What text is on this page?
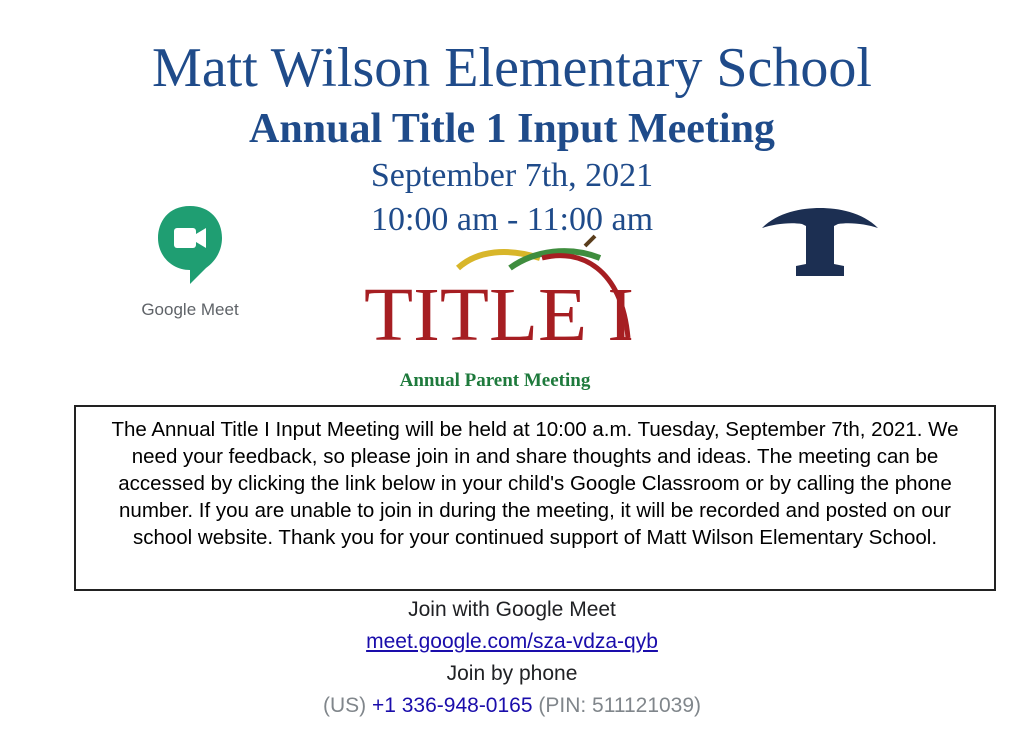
Matt Wilson Elementary School
Annual Title 1 Input Meeting
September 7th, 2021
10:00 am - 11:00 am
Google Meet TITLE I
Annual Parent Meeting
The Annual Title I Input Meeting will be held at 10:00 a.m. Tuesday, September 7th, 2021. We need your feedback, so please join in and share thoughts and ideas. The meeting can be accessed by clicking the link below in your child's Google Classroom or by calling the phone number. If you are unable to join in during the meeting, it will be recorded and posted on our school website. Thank you for your continued support of Matt Wilson Elementary School.
Join with Google Meet
meet.google.com/sza-vdza-qyb
Join by phone
(US) +1 336-948-0165 (PIN: 511121039)
